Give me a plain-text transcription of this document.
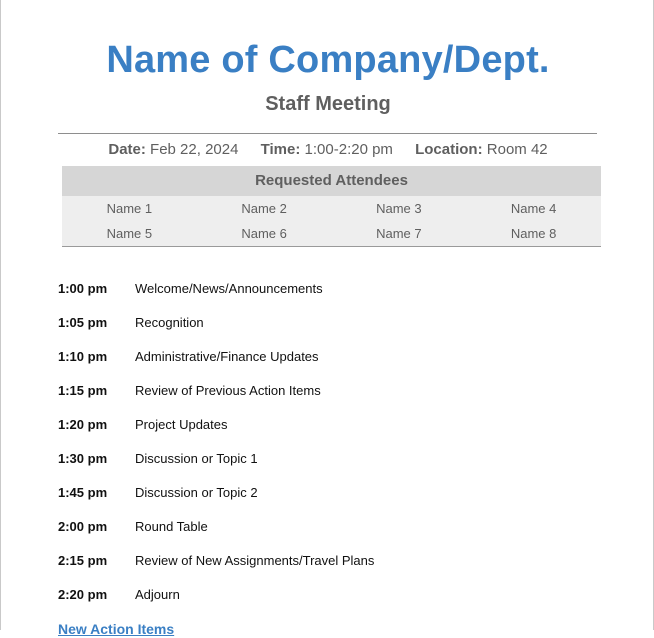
Name of Company/Dept.
Staff Meeting
Date: Feb 22, 2024 Time: 1:00-2:20 pm Location: Room 42
Requested Attendees
Name 1	Name 2	Name 3	Name 4
Name 5	Name 6	Name 7	Name 8
1:00 pm	Welcome/News/Announcements
1:05 pm	Recognition
1:10 pm	Administrative/Finance Updates
1:15 pm	Review of Previous Action Items
1:20 pm	Project Updates
1:30 pm	Discussion or Topic 1
1:45 pm	Discussion or Topic 2
2:00 pm	Round Table
2:15 pm	Review of New Assignments/Travel Plans
2:20 pm	Adjourn
New Action Items
